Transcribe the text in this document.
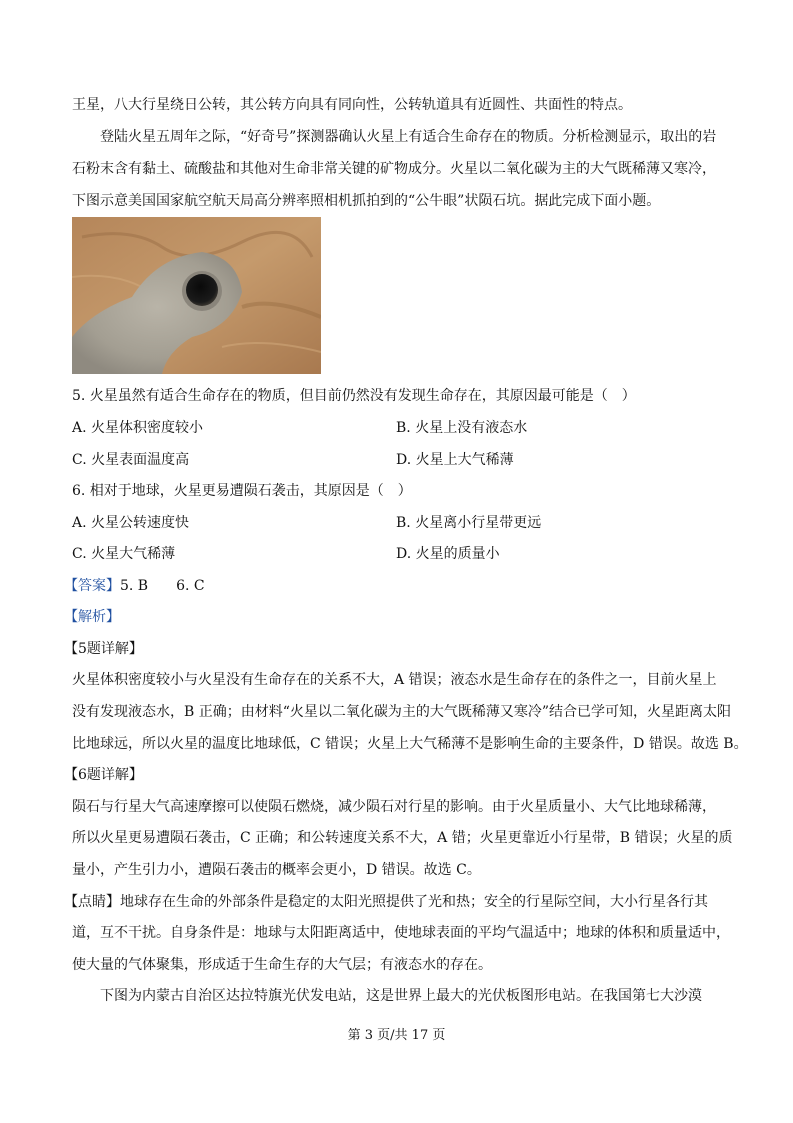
王星，八大行星绕日公转，其公转方向具有同向性，公转轨道具有近圆性、共面性的特点。
登陆火星五周年之际，“好奇号”探测器确认火星上有适合生命存在的物质。分析检测显示，取出的岩
石粉末含有黏土、硫酸盐和其他对生命非常关键的矿物成分。火星以二氧化碳为主的大气既稀薄又寒冷，
下图示意美国国家航空航天局高分辨率照相机抓拍到的“公牛眼”状陨石坑。据此完成下面小题。
5. 火星虽然有适合生命存在的物质，但目前仍然没有发现生命存在，其原因最可能是（　）
A. 火星体积密度较小	B. 火星上没有液态水
C. 火星表面温度高	D. 火星上大气稀薄
6. 相对于地球，火星更易遭陨石袭击，其原因是（　）
A. 火星公转速度快	B. 火星离小行星带更远
C. 火星大气稀薄	D. 火星的质量小
【答案】5. B　　6. C
【解析】
【5题详解】
火星体积密度较小与火星没有生命存在的关系不大，A 错误；液态水是生命存在的条件之一，目前火星上
没有发现液态水，B 正确；由材料“火星以二氧化碳为主的大气既稀薄又寒冷”结合已学可知，火星距离太阳
比地球远，所以火星的温度比地球低，C 错误；火星上大气稀薄不是影响生命的主要条件，D 错误。故选 B。
【6题详解】
陨石与行星大气高速摩擦可以使陨石燃烧，减少陨石对行星的影响。由于火星质量小、大气比地球稀薄，
所以火星更易遭陨石袭击，C 正确；和公转速度关系不大，A 错；火星更靠近小行星带，B 错误；火星的质
量小，产生引力小，遭陨石袭击的概率会更小，D 错误。故选 C。
【点睛】地球存在生命的外部条件是稳定的太阳光照提供了光和热；安全的行星际空间，大小行星各行其
道，互不干扰。自身条件是：地球与太阳距离适中，使地球表面的平均气温适中；地球的体积和质量适中，
使大量的气体聚集，形成适于生命生存的大气层；有液态水的存在。
下图为内蒙古自治区达拉特旗光伏发电站，这是世界上最大的光伏板图形电站。在我国第七大沙漠
第 3 页/共 17 页
